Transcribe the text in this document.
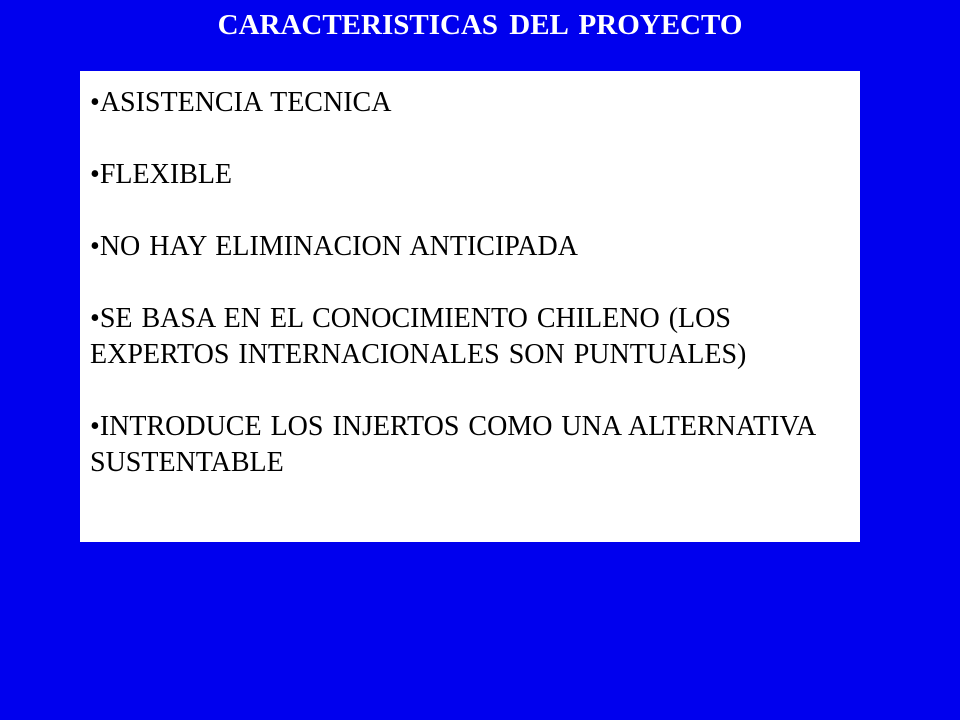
CARACTERISTICAS DEL PROYECTO
•ASISTENCIA TECNICA
•FLEXIBLE
•NO HAY ELIMINACION ANTICIPADA
•SE BASA EN EL CONOCIMIENTO CHILENO (LOS EXPERTOS INTERNACIONALES SON PUNTUALES)
•INTRODUCE LOS INJERTOS COMO UNA ALTERNATIVA SUSTENTABLE
